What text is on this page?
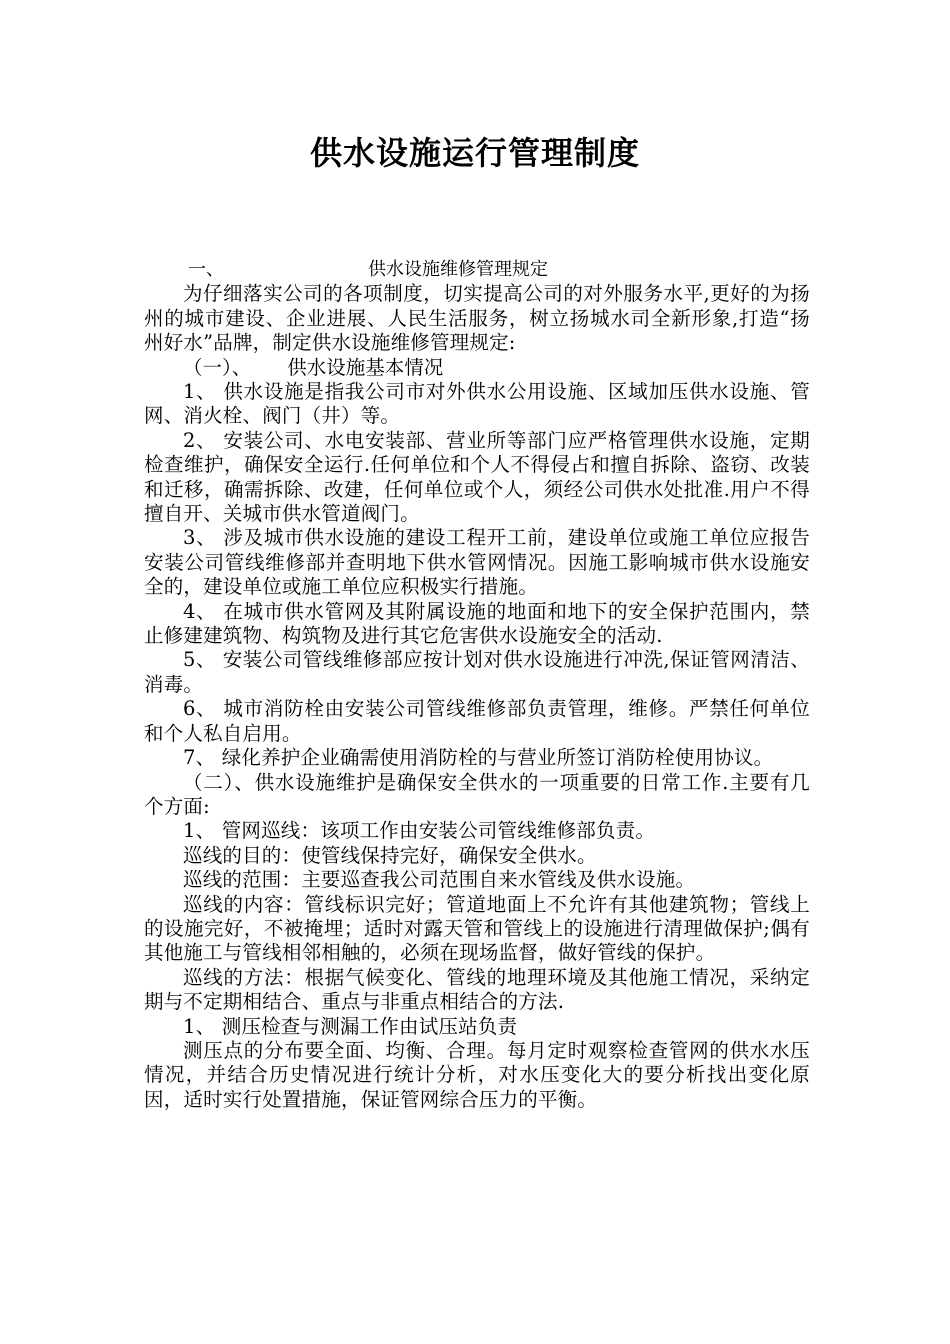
供水设施运行管理制度
一、	供水设施维修管理规定

为仔细落实公司的各项制度，切实提高公司的对外服务水平,更好的为扬州的城市建设、企业进展、人民生活服务，树立扬城水司全新形象,打造“扬州好水”品牌，制定供水设施维修管理规定:

（一）、 供水设施基本情况

1、 供水设施是指我公司市对外供水公用设施、区域加压供水设施、管网、消火栓、阀门（井）等。

2、 安装公司、水电安装部、营业所等部门应严格管理供水设施，定期检查维护，确保安全运行.任何单位和个人不得侵占和擅自拆除、盗窃、改装和迁移，确需拆除、改建，任何单位或个人，须经公司供水处批准.用户不得擅自开、关城市供水管道阀门。

3、 涉及城市供水设施的建设工程开工前，建设单位或施工单位应报告安装公司管线维修部并查明地下供水管网情况。因施工影响城市供水设施安全的，建设单位或施工单位应积极实行措施。

4、 在城市供水管网及其附属设施的地面和地下的安全保护范围内，禁止修建建筑物、构筑物及进行其它危害供水设施安全的活动.

5、 安装公司管线维修部应按计划对供水设施进行冲洗,保证管网清洁、消毒。

6、 城市消防栓由安装公司管线维修部负责管理，维修。严禁任何单位和个人私自启用。

7、 绿化养护企业确需使用消防栓的与营业所签订消防栓使用协议。

（二）、供水设施维护是确保安全供水的一项重要的日常工作.主要有几个方面:

1、 管网巡线：该项工作由安装公司管线维修部负责。

巡线的目的：使管线保持完好，确保安全供水。

巡线的范围：主要巡查我公司范围自来水管线及供水设施。

巡线的内容：管线标识完好；管道地面上不允许有其他建筑物；管线上的设施完好，不被掩埋；适时对露天管和管线上的设施进行清理做保护;偶有其他施工与管线相邻相触的，必须在现场监督，做好管线的保护。

巡线的方法：根据气候变化、管线的地理环境及其他施工情况，采纳定期与不定期相结合、重点与非重点相结合的方法.

1、 测压检查与测漏工作由试压站负责

测压点的分布要全面、均衡、合理。每月定时观察检查管网的供水水压情况，并结合历史情况进行统计分析，对水压变化大的要分析找出变化原因，适时实行处置措施，保证管网综合压力的平衡。
